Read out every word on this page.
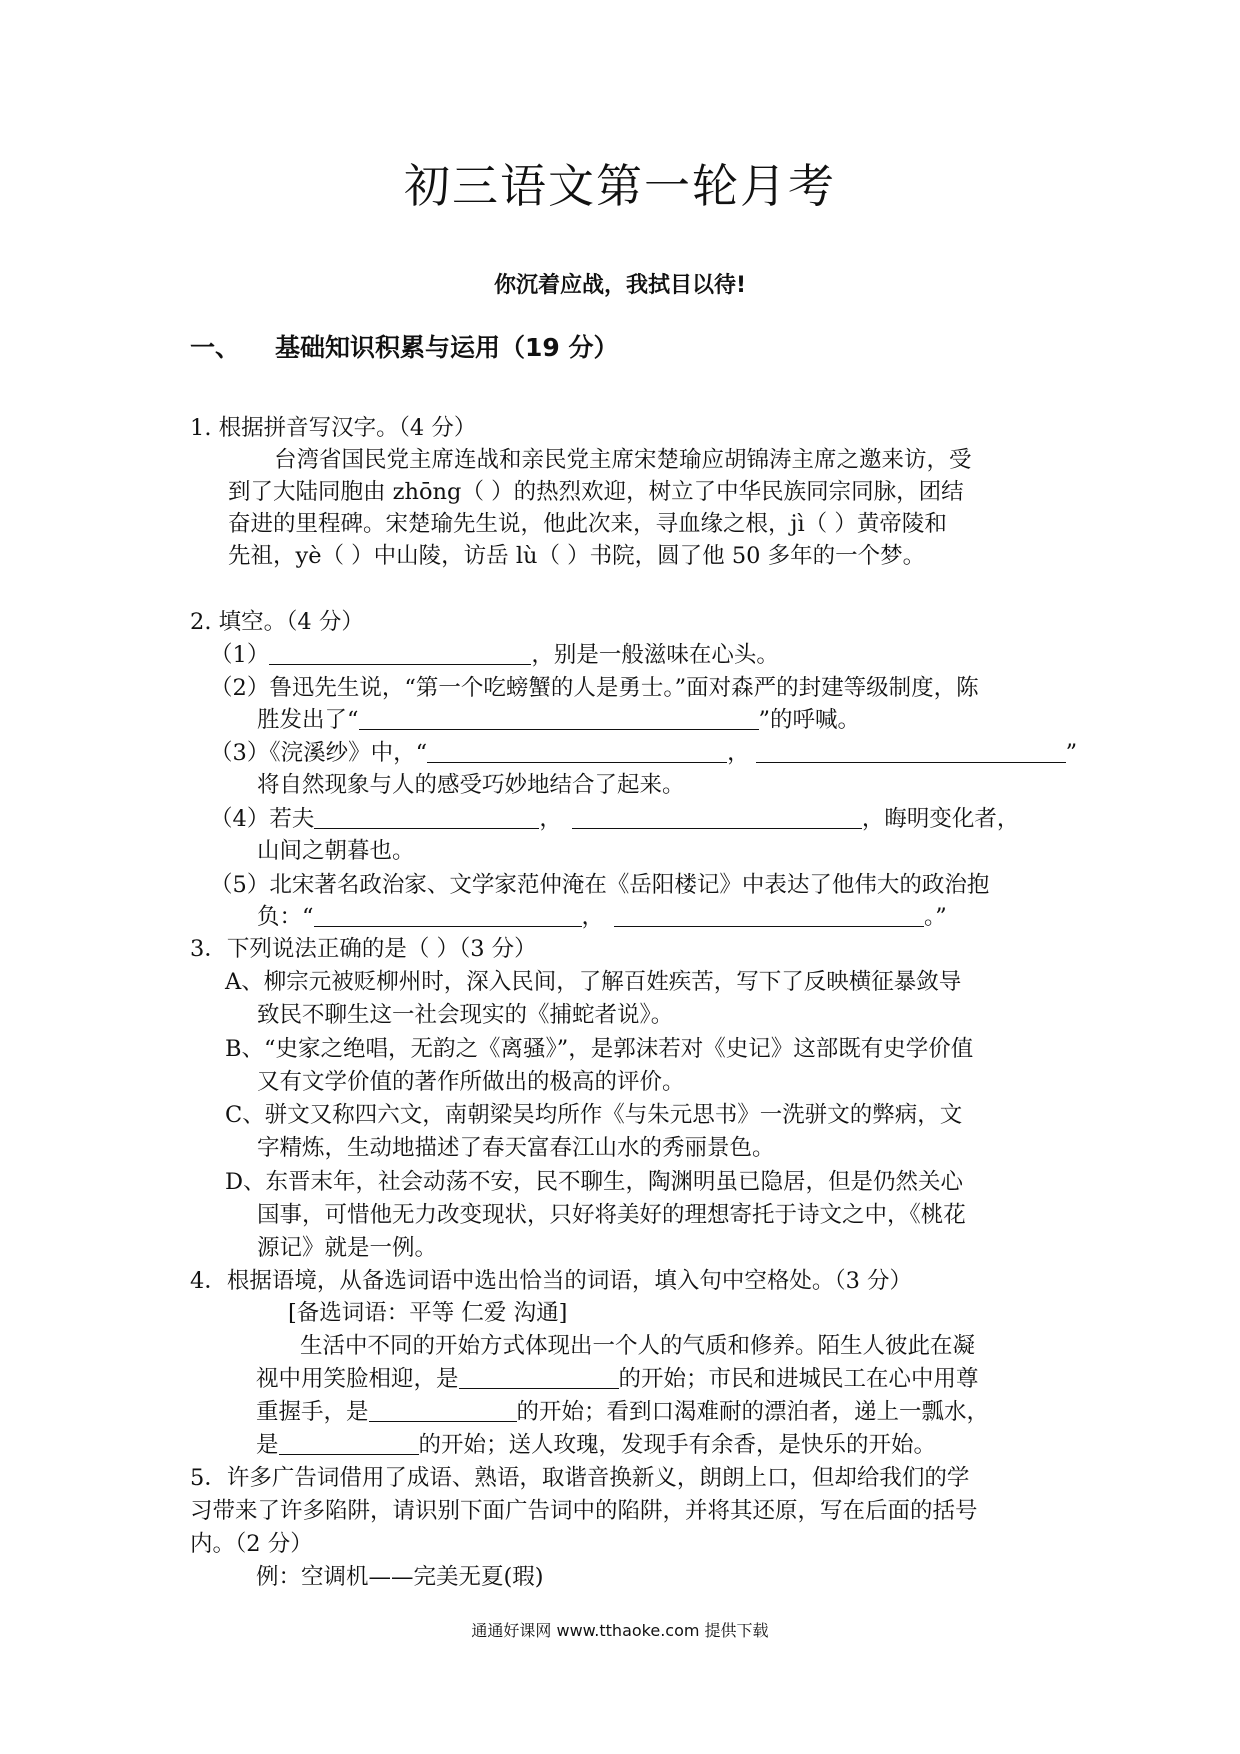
初三语文第一轮月考
你沉着应战，我拭目以待!
一、 基础知识积累与运用（19 分）
1. 根据拼音写汉字。（4 分）
台湾省国民党主席连战和亲民党主席宋楚瑜应胡锦涛主席之邀来访，受
到了大陆同胞由 zhōng（ ）的热烈欢迎，树立了中华民族同宗同脉，团结
奋进的里程碑。宋楚瑜先生说，他此次来，寻血缘之根，jì（ ）黄帝陵和
先祖，yè（ ）中山陵，访岳 lù（ ）书院，圆了他 50 多年的一个梦。
2. 填空。（4 分）
（1）	，别是一般滋味在心头。
（2）鲁迅先生说，“第一个吃螃蟹的人是勇士。”面对森严的封建等级制度，陈
胜发出了“	”的呼喊。
（3）《浣溪纱》中，“	，	”
将自然现象与人的感受巧妙地结合了起来。
（4）若夫	，	，晦明变化者，
山间之朝暮也。
（5）北宋著名政治家、文学家范仲淹在《岳阳楼记》中表达了他伟大的政治抱
负：“	，	。”
3．下列说法正确的是（ ）（3 分）
A、柳宗元被贬柳州时，深入民间，了解百姓疾苦，写下了反映横征暴敛导
致民不聊生这一社会现实的《捕蛇者说》。
B、“史家之绝唱，无韵之《离骚》”，是郭沫若对《史记》这部既有史学价值
又有文学价值的著作所做出的极高的评价。
C、骈文又称四六文，南朝梁吴均所作《与朱元思书》一洗骈文的弊病，文
字精炼，生动地描述了春天富春江山水的秀丽景色。
D、东晋末年，社会动荡不安，民不聊生，陶渊明虽已隐居，但是仍然关心
国事，可惜他无力改变现状，只好将美好的理想寄托于诗文之中，《桃花
源记》就是一例。
4．根据语境，从备选词语中选出恰当的词语，填入句中空格处。（3 分）
[备选词语：平等 仁爱 沟通]
生活中不同的开始方式体现出一个人的气质和修养。陌生人彼此在凝
视中用笑脸相迎，是	的开始；市民和进城民工在心中用尊
重握手，是	的开始；看到口渴难耐的漂泊者，递上一瓢水，
是	的开始；送人玫瑰，发现手有余香，是快乐的开始。
5．许多广告词借用了成语、熟语，取谐音换新义，朗朗上口，但却给我们的学
习带来了许多陷阱，请识别下面广告词中的陷阱，并将其还原，写在后面的括号
内。（2 分）
例：空调机——完美无夏(瑕)
通通好课网 www.tthaoke.com 提供下载
